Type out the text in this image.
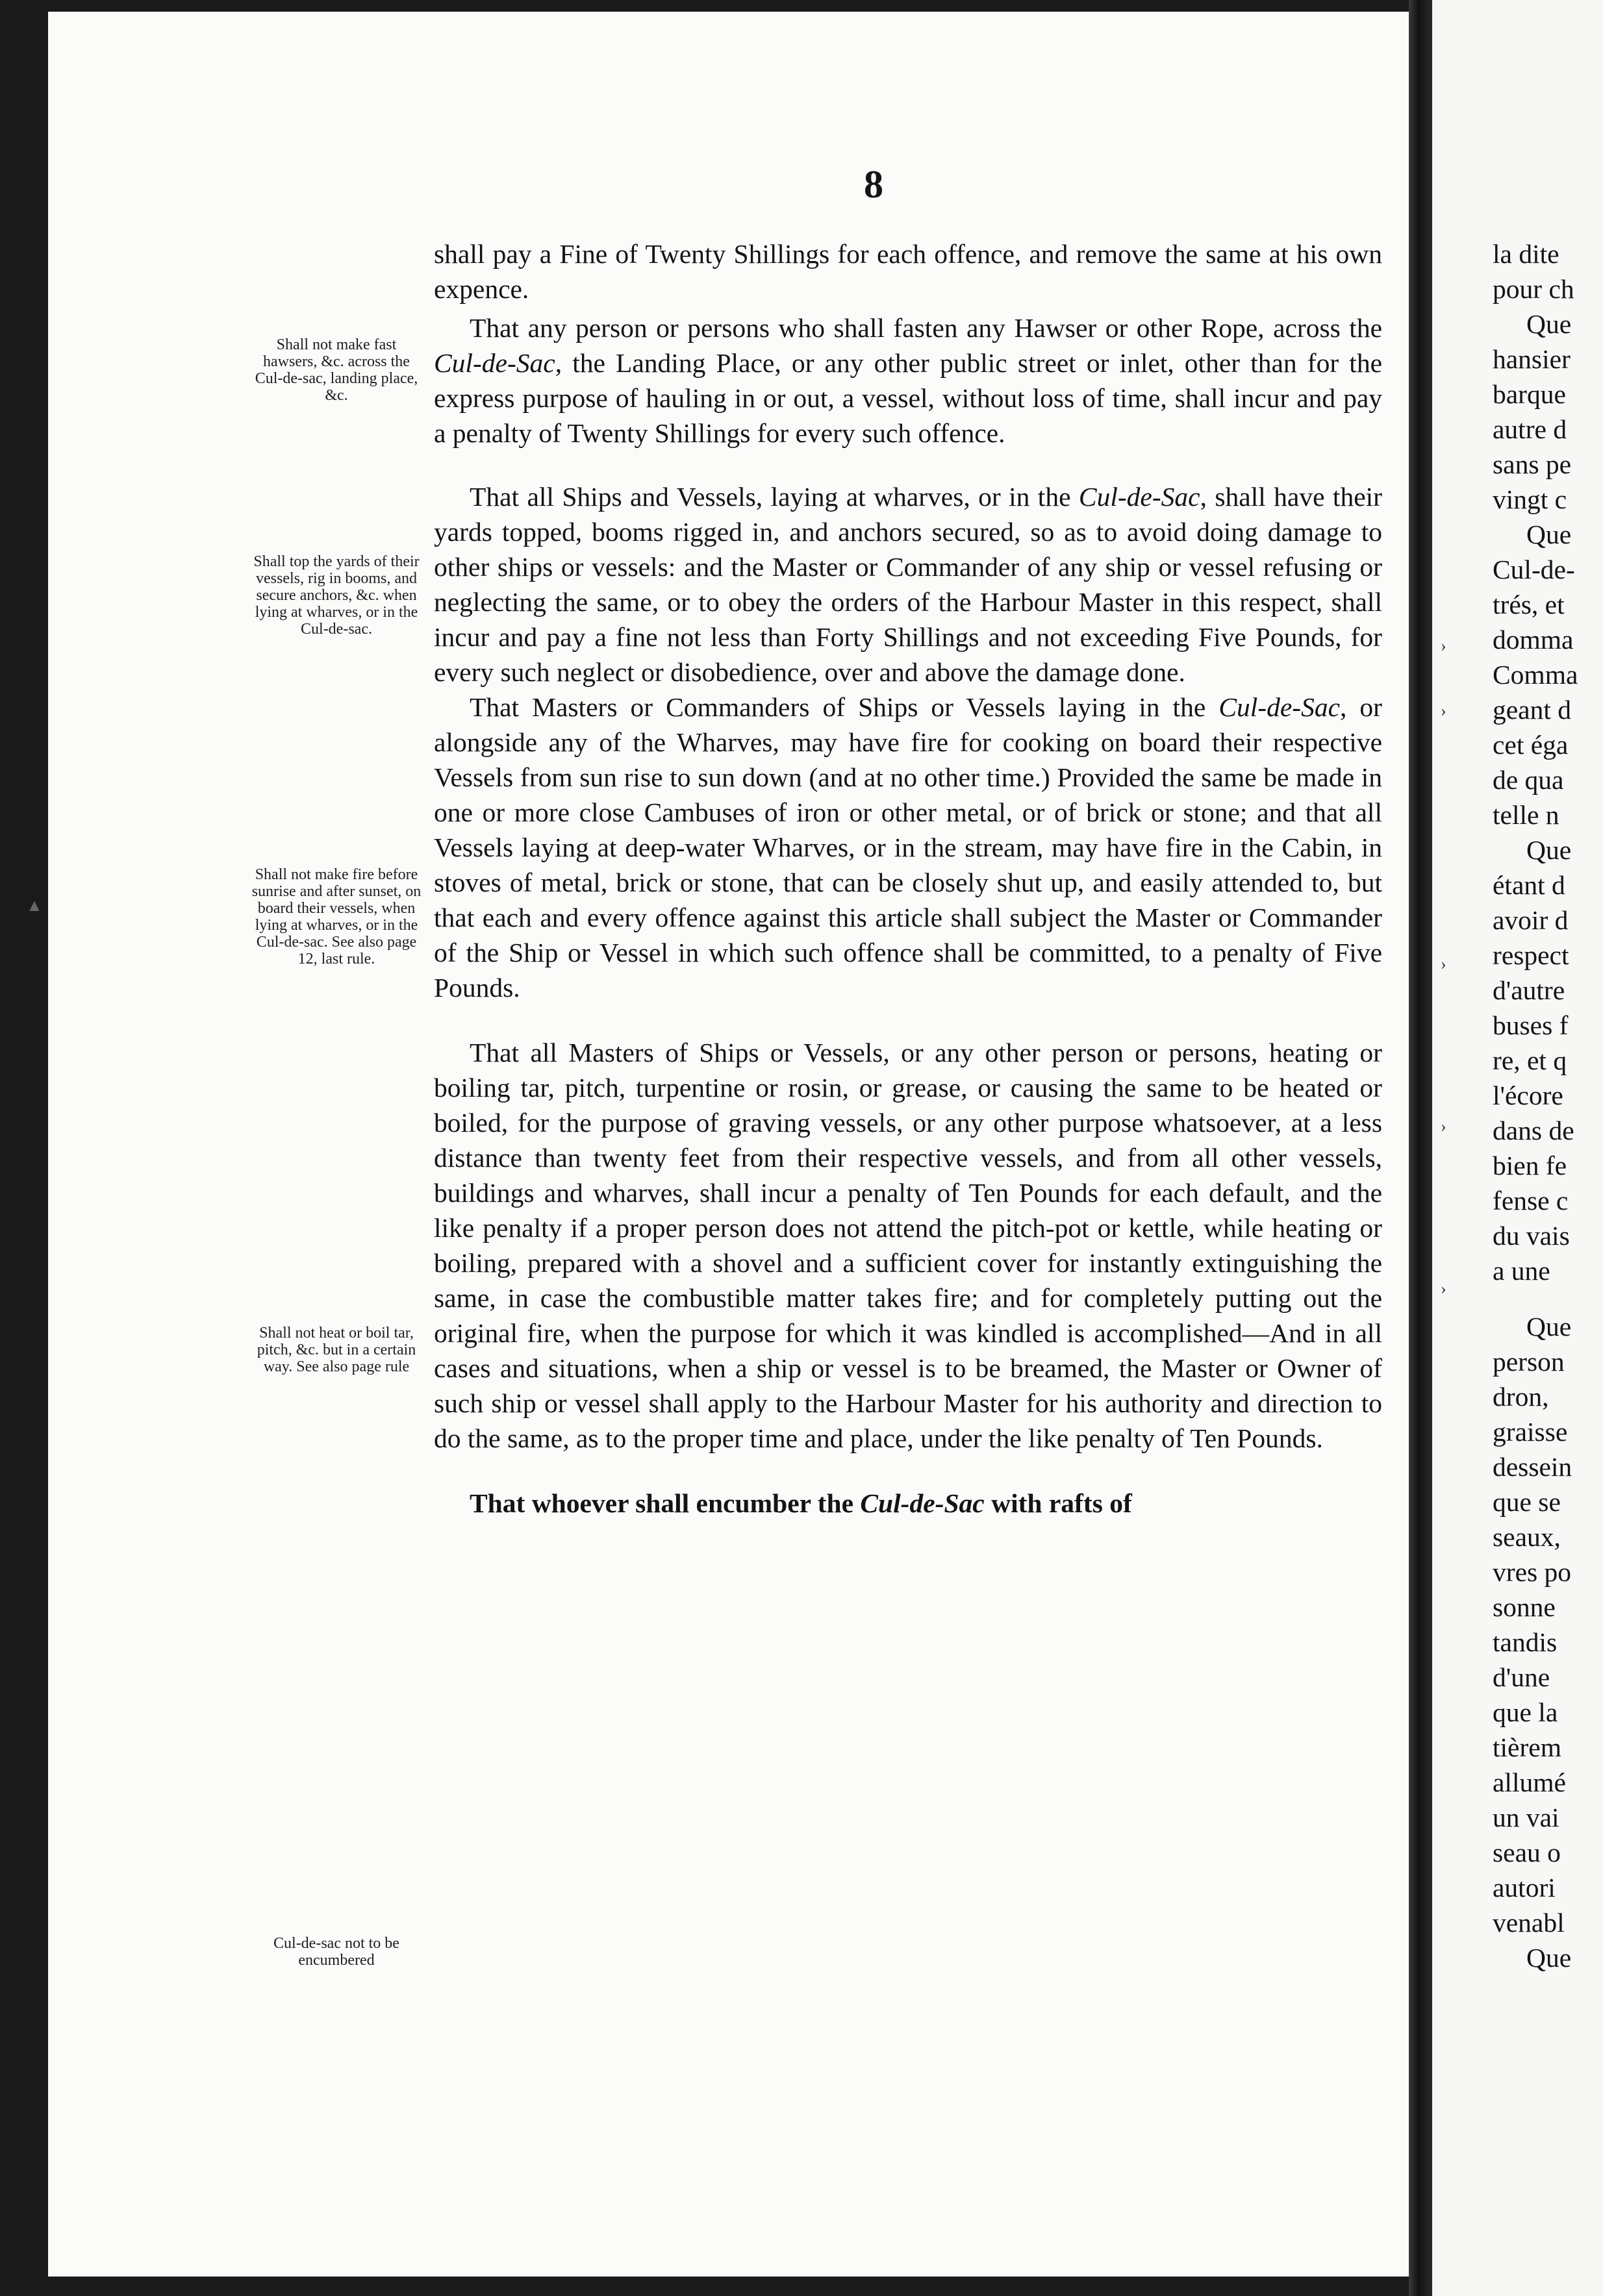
▲
›
›
›
›
›
8
Shall not make fast hawsers, &c. across the Cul-de-sac, landing place, &c.
Shall top the yards of their vessels, rig in booms, and secure anchors, &c. when lying at wharves, or in the Cul-de-sac.
Shall not make fire before sunrise and after sunset, on board their vessels, when lying at wharves, or in the Cul-de-sac. See also page 12, last rule.
Shall not heat or boil tar, pitch, &c. but in a certain way. See also page rule
Cul-de-sac not to be encumbered

shall pay a Fine of Twenty Shillings for each offence, and remove the same at his own expence.

That any person or persons who shall fasten any Hawser or other Rope, across the Cul-de-Sac, the Landing Place, or any other public street or inlet, other than for the express purpose of hauling in or out, a vessel, without loss of time, shall incur and pay a penalty of Twenty Shillings for every such offence.

That all Ships and Vessels, laying at wharves, or in the Cul-de-Sac, shall have their yards topped, booms rigged in, and anchors secured, so as to avoid doing damage to other ships or vessels: and the Master or Commander of any ship or vessel refusing or neglecting the same, or to obey the orders of the Harbour Master in this respect, shall incur and pay a fine not less than Forty Shillings and not exceeding Five Pounds, for every such neglect or disobedience, over and above the damage done.

That Masters or Commanders of Ships or Vessels laying in the Cul-de-Sac, or alongside any of the Wharves, may have fire for cooking on board their respective Vessels from sun rise to sun down (and at no other time.) Provided the same be made in one or more close Cambuses of iron or other metal, or of brick or stone; and that all Vessels laying at deep-water Wharves, or in the stream, may have fire in the Cabin, in stoves of metal, brick or stone, that can be closely shut up, and easily attended to, but that each and every offence against this article shall subject the Master or Commander of the Ship or Vessel in which such offence shall be committed, to a penalty of Five Pounds.

That all Masters of Ships or Vessels, or any other person or persons, heating or boiling tar, pitch, turpentine or rosin, or grease, or causing the same to be heated or boiled, for the purpose of graving vessels, or any other purpose whatsoever, at a less distance than twenty feet from their respective vessels, and from all other vessels, buildings and wharves, shall incur a penalty of Ten Pounds for each default, and the like penalty if a proper person does not attend the pitch-pot or kettle, while heating or boiling, prepared with a shovel and a sufficient cover for instantly extinguishing the same, in case the combustible matter takes fire; and for completely putting out the original fire, when the purpose for which it was kindled is accomplished—And in all cases and situations, when a ship or vessel is to be breamed, the Master or Owner of such ship or vessel shall apply to the Harbour Master for his authority and direction to do the same, as to the proper time and place, under the like penalty of Ten Pounds.

That whoever shall encumber the Cul-de-Sac with rafts of

la dite
pour ch
Que
hansier
barque
autre d
sans pe
vingt c
Que
Cul-de-
trés, et
domma
Comma
geant d
cet éga
de qua
telle n
Que
étant d
avoir d
respect
d'autre
buses f
re, et q
l'écore
dans de
bien fe
fense c
du vais
a une
Que
person
dron,
graisse
dessein
que se
seaux,
vres po
sonne
tandis
d'une
que la
tièrem
allumé
un vai
seau o
autori
venabl
Que
